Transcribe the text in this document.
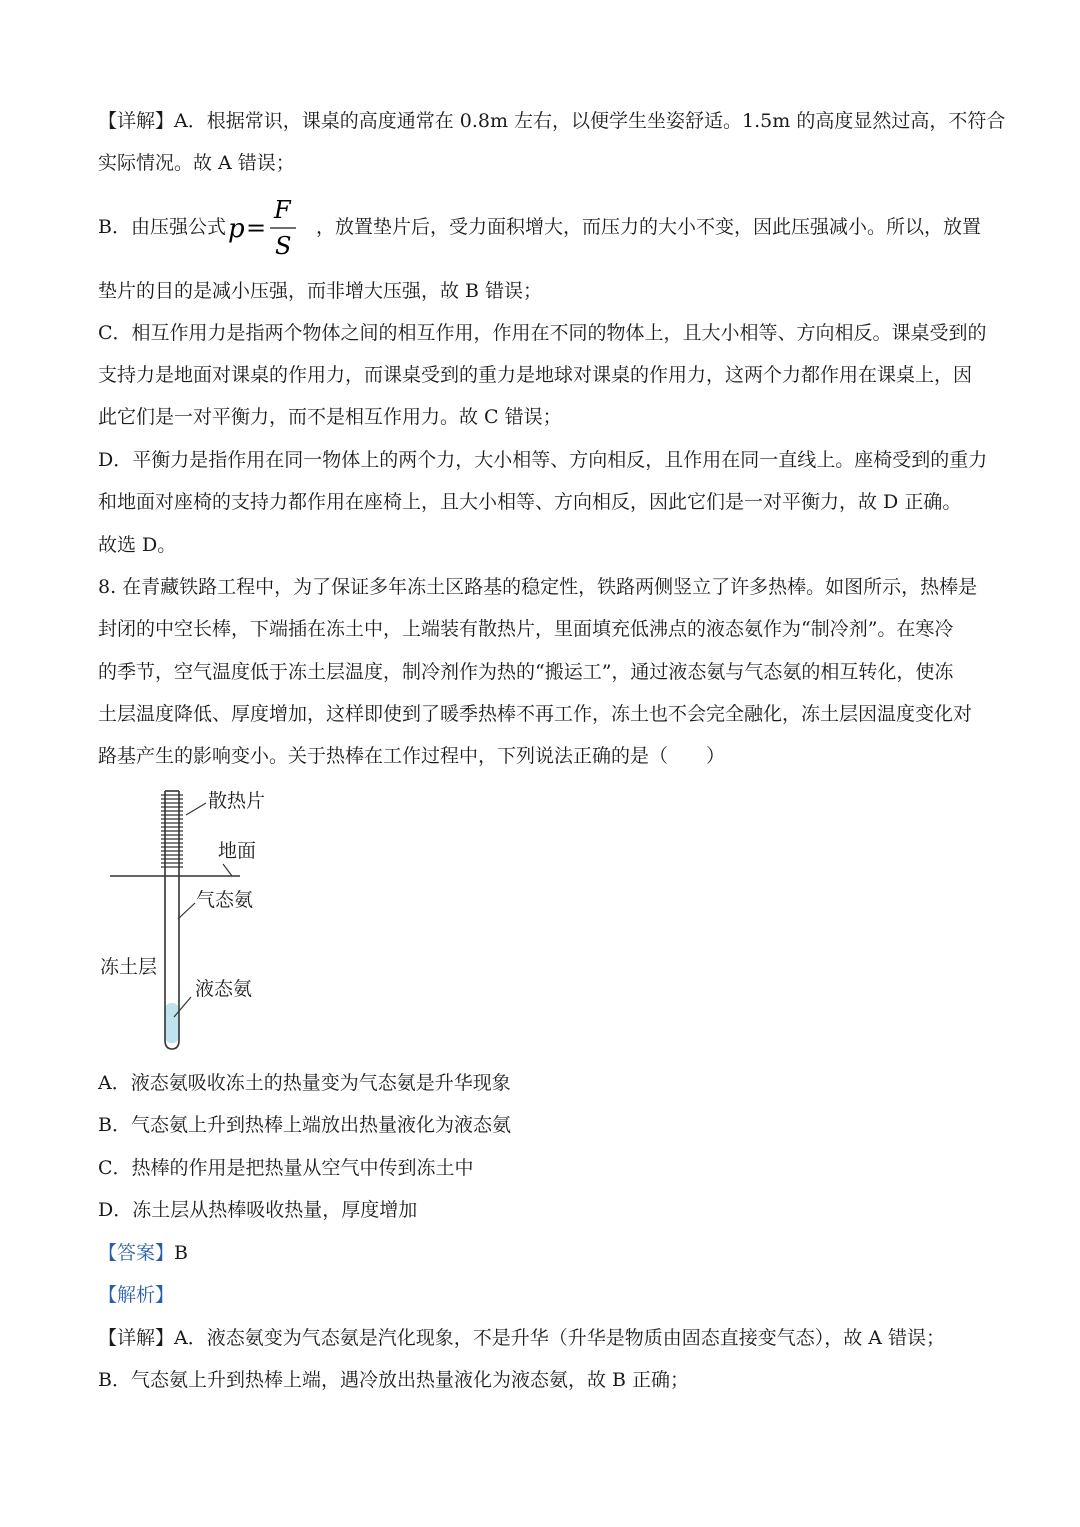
【详解】A．根据常识，课桌的高度通常在 0.8m 左右，以便学生坐姿舒适。1.5m 的高度显然过高，不符合
实际情况。故 A 错误；
B．由压强公式 p =
F
S
，放置垫片后，受力面积增大，而压力的大小不变，因此压强减小。所以，放置
垫片的目的是减小压强，而非增大压强，故 B 错误；
C．相互作用力是指两个物体之间的相互作用，作用在不同的物体上，且大小相等、方向相反。课桌受到的
支持力是地面对课桌的作用力，而课桌受到的重力是地球对课桌的作用力，这两个力都作用在课桌上，因
此它们是一对平衡力，而不是相互作用力。故 C 错误；
D．平衡力是指作用在同一物体上的两个力，大小相等、方向相反，且作用在同一直线上。座椅受到的重力
和地面对座椅的支持力都作用在座椅上，且大小相等、方向相反，因此它们是一对平衡力，故 D 正确。
故选 D。
8. 在青藏铁路工程中，为了保证多年冻土区路基的稳定性，铁路两侧竖立了许多热棒。如图所示，热棒是
封闭的中空长棒，下端插在冻土中，上端装有散热片，里面填充低沸点的液态氨作为“制冷剂”。在寒冷
的季节，空气温度低于冻土层温度，制冷剂作为热的“搬运工”，通过液态氨与气态氨的相互转化，使冻
土层温度降低、厚度增加，这样即使到了暖季热棒不再工作，冻土也不会完全融化，冻土层因温度变化对
路基产生的影响变小。关于热棒在工作过程中，下列说法正确的是（　　）
散热片
地面
气态氨
冻土层
液态氨
A．液态氨吸收冻土的热量变为气态氨是升华现象
B．气态氨上升到热棒上端放出热量液化为液态氨
C．热棒的作用是把热量从空气中传到冻土中
D．冻土层从热棒吸收热量，厚度增加
【答案】B
【解析】
【详解】A．液态氨变为气态氨是汽化现象，不是升华（升华是物质由固态直接变气态），故 A 错误；
B．气态氨上升到热棒上端，遇冷放出热量液化为液态氨，故 B 正确；
